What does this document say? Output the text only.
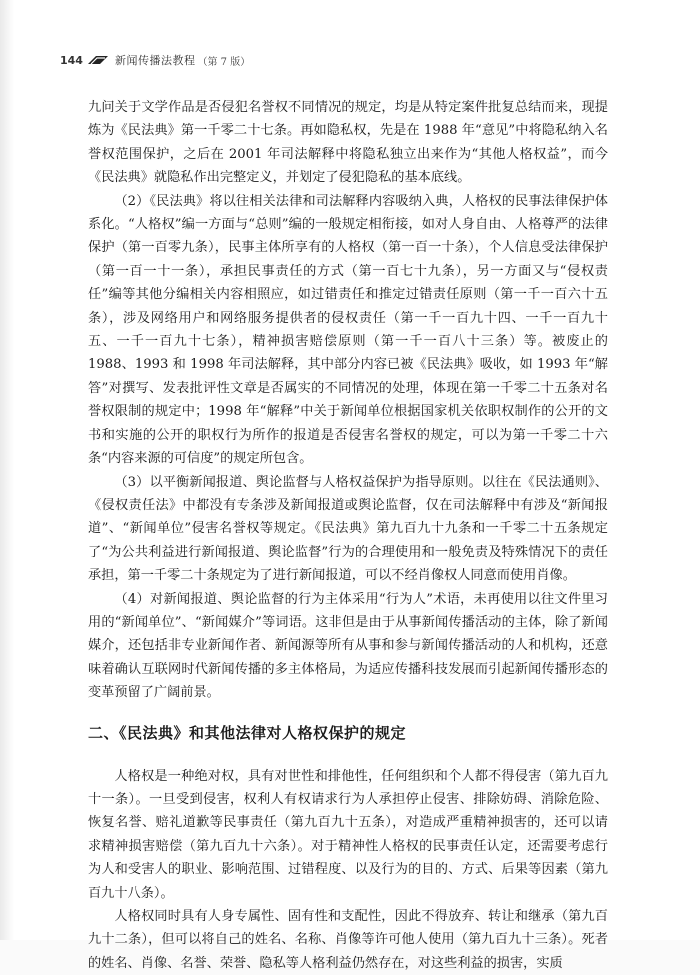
144	新闻传播法教程 （第 7 版）

九问关于文学作品是否侵犯名誉权不同情况的规定，均是从特定案件批复总结而来，现提炼为《民法典》第一千零二十七条。再如隐私权，先是在 1988 年“意见”中将隐私纳入名誉权范围保护，之后在 2001 年司法解释中将隐私独立出来作为“其他人格权益”，而今《民法典》就隐私作出完整定义，并划定了侵犯隐私的基本底线。

（2）《民法典》将以往相关法律和司法解释内容吸纳入典，人格权的民事法律保护体系化。“人格权”编一方面与“总则”编的一般规定相衔接，如对人身自由、人格尊严的法律保护（第一百零九条），民事主体所享有的人格权（第一百一十条），个人信息受法律保护（第一百一十一条），承担民事责任的方式（第一百七十九条），另一方面又与“侵权责任”编等其他分编相关内容相照应，如过错责任和推定过错责任原则（第一千一百六十五条），涉及网络用户和网络服务提供者的侵权责任（第一千一百九十四、一千一百九十五、一千一百九十七条），精神损害赔偿原则（第一千一百八十三条）等。被废止的 1988、1993 和 1998 年司法解释，其中部分内容已被《民法典》吸收，如 1993 年“解答”对撰写、发表批评性文章是否属实的不同情况的处理，体现在第一千零二十五条对名誉权限制的规定中；1998 年“解释”中关于新闻单位根据国家机关依职权制作的公开的文书和实施的公开的职权行为所作的报道是否侵害名誉权的规定，可以为第一千零二十六条“内容来源的可信度”的规定所包含。

（3）以平衡新闻报道、舆论监督与人格权益保护为指导原则。以往在《民法通则》、《侵权责任法》中都没有专条涉及新闻报道或舆论监督，仅在司法解释中有涉及“新闻报道”、“新闻单位”侵害名誉权等规定。《民法典》第九百九十九条和一千零二十五条规定了“为公共利益进行新闻报道、舆论监督”行为的合理使用和一般免责及特殊情况下的责任承担，第一千零二十条规定为了进行新闻报道，可以不经肖像权人同意而使用肖像。

（4）对新闻报道、舆论监督的行为主体采用“行为人”术语，未再使用以往文件里习用的“新闻单位”、“新闻媒介”等词语。这非但是由于从事新闻传播活动的主体，除了新闻媒介，还包括非专业新闻作者、新闻源等所有从事和参与新闻传播活动的人和机构，还意味着确认互联网时代新闻传播的多主体格局，为适应传播科技发展而引起新闻传播形态的变革预留了广阔前景。

二、《民法典》和其他法律对人格权保护的规定

人格权是一种绝对权，具有对世性和排他性，任何组织和个人都不得侵害（第九百九十一条）。一旦受到侵害，权利人有权请求行为人承担停止侵害、排除妨碍、消除危险、恢复名誉、赔礼道歉等民事责任（第九百九十五条），对造成严重精神损害的，还可以请求精神损害赔偿（第九百九十六条）。对于精神性人格权的民事责任认定，还需要考虑行为人和受害人的职业、影响范围、过错程度、以及行为的目的、方式、后果等因素（第九百九十八条）。

人格权同时具有人身专属性、固有性和支配性，因此不得放弃、转让和继承（第九百九十二条），但可以将自己的姓名、名称、肖像等许可他人使用（第九百九十三条）。死者的姓名、肖像、名誉、荣誉、隐私等人格利益仍然存在，对这些利益的损害，实质
